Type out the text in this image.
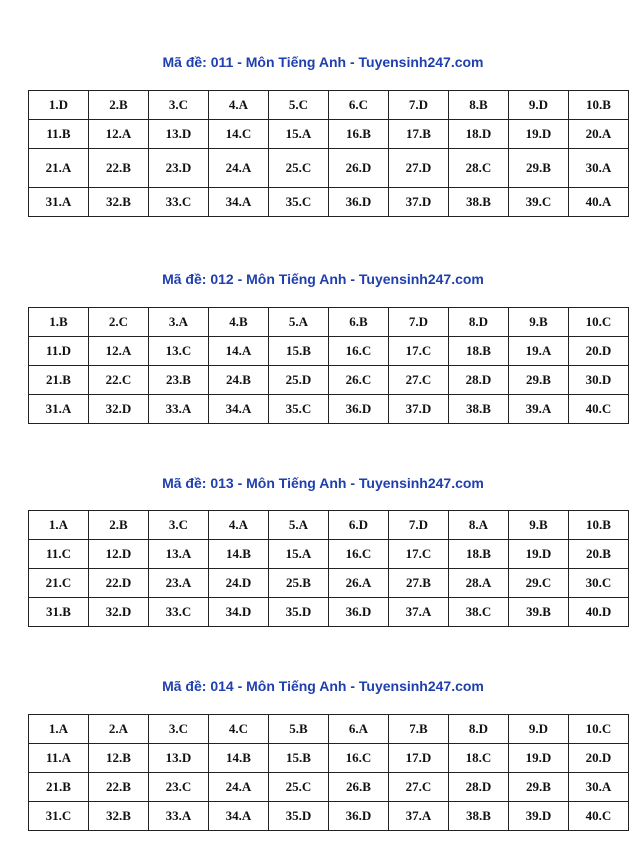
Mã đề: 011 - Môn Tiếng Anh - Tuyensinh247.com
1.D	2.B	3.C	4.A	5.C	6.C	7.D	8.B	9.D	10.B
11.B	12.A	13.D	14.C	15.A	16.B	17.B	18.D	19.D	20.A
21.A	22.B	23.D	24.A	25.C	26.D	27.D	28.C	29.B	30.A
31.A	32.B	33.C	34.A	35.C	36.D	37.D	38.B	39.C	40.A
Mã đề: 012 - Môn Tiếng Anh - Tuyensinh247.com
1.B	2.C	3.A	4.B	5.A	6.B	7.D	8.D	9.B	10.C
11.D	12.A	13.C	14.A	15.B	16.C	17.C	18.B	19.A	20.D
21.B	22.C	23.B	24.B	25.D	26.C	27.C	28.D	29.B	30.D
31.A	32.D	33.A	34.A	35.C	36.D	37.D	38.B	39.A	40.C
Mã đề: 013 - Môn Tiếng Anh - Tuyensinh247.com
1.A	2.B	3.C	4.A	5.A	6.D	7.D	8.A	9.B	10.B
11.C	12.D	13.A	14.B	15.A	16.C	17.C	18.B	19.D	20.B
21.C	22.D	23.A	24.D	25.B	26.A	27.B	28.A	29.C	30.C
31.B	32.D	33.C	34.D	35.D	36.D	37.A	38.C	39.B	40.D
Mã đề: 014 - Môn Tiếng Anh - Tuyensinh247.com
1.A	2.A	3.C	4.C	5.B	6.A	7.B	8.D	9.D	10.C
11.A	12.B	13.D	14.B	15.B	16.C	17.D	18.C	19.D	20.D
21.B	22.B	23.C	24.A	25.C	26.B	27.C	28.D	29.B	30.A
31.C	32.B	33.A	34.A	35.D	36.D	37.A	38.B	39.D	40.C
